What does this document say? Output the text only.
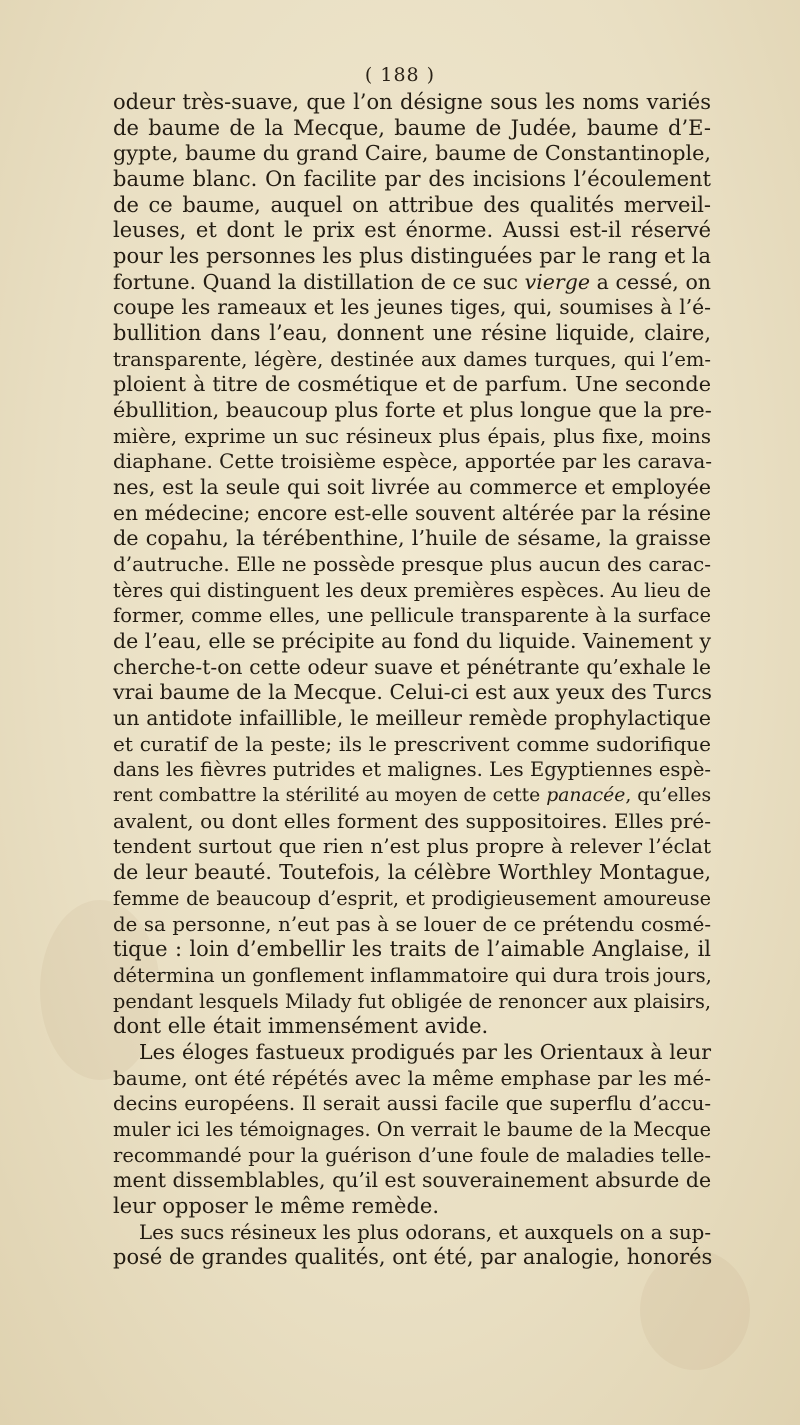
( 188 )
odeur très-suave, que l’on désigne sous les noms variés
de baume de la Mecque, baume de Judée, baume d’E-
gypte, baume du grand Caire, baume de Constantinople,
baume blanc. On facilite par des incisions l’écoulement
de ce baume, auquel on attribue des qualités merveil-
leuses, et dont le prix est énorme. Aussi est-il réservé
pour les personnes les plus distinguées par le rang et la
fortune. Quand la distillation de ce suc vierge a cessé, on
coupe les rameaux et les jeunes tiges, qui, soumises à l’é-
bullition dans l’eau, donnent une résine liquide, claire,
transparente, légère, destinée aux dames turques, qui l’em-
ploient à titre de cosmétique et de parfum. Une seconde
ébullition, beaucoup plus forte et plus longue que la pre-
mière, exprime un suc résineux plus épais, plus fixe, moins
diaphane. Cette troisième espèce, apportée par les carava-
nes, est la seule qui soit livrée au commerce et employée
en médecine; encore est-elle souvent altérée par la résine
de copahu, la térébenthine, l’huile de sésame, la graisse
d’autruche. Elle ne possède presque plus aucun des carac-
tères qui distinguent les deux premières espèces. Au lieu de
former, comme elles, une pellicule transparente à la surface
de l’eau, elle se précipite au fond du liquide. Vainement y
cherche-t-on cette odeur suave et pénétrante qu’exhale le
vrai baume de la Mecque. Celui-ci est aux yeux des Turcs
un antidote infaillible, le meilleur remède prophylactique
et curatif de la peste; ils le prescrivent comme sudorifique
dans les fièvres putrides et malignes. Les Egyptiennes espè-
rent combattre la stérilité au moyen de cette panacée, qu’elles
avalent, ou dont elles forment des suppositoires. Elles pré-
tendent surtout que rien n’est plus propre à relever l’éclat
de leur beauté. Toutefois, la célèbre Worthley Montague,
femme de beaucoup d’esprit, et prodigieusement amoureuse
de sa personne, n’eut pas à se louer de ce prétendu cosmé-
tique : loin d’embellir les traits de l’aimable Anglaise, il
détermina un gonflement inflammatoire qui dura trois jours,
pendant lesquels Milady fut obligée de renoncer aux plaisirs,
dont elle était immensément avide.
Les éloges fastueux prodigués par les Orientaux à leur
baume, ont été répétés avec la même emphase par les mé-
decins européens. Il serait aussi facile que superflu d’accu-
muler ici les témoignages. On verrait le baume de la Mecque
recommandé pour la guérison d’une foule de maladies telle-
ment dissemblables, qu’il est souverainement absurde de
leur opposer le même remède.
Les sucs résineux les plus odorans, et auxquels on a sup-
posé de grandes qualités, ont été, par analogie, honorés
